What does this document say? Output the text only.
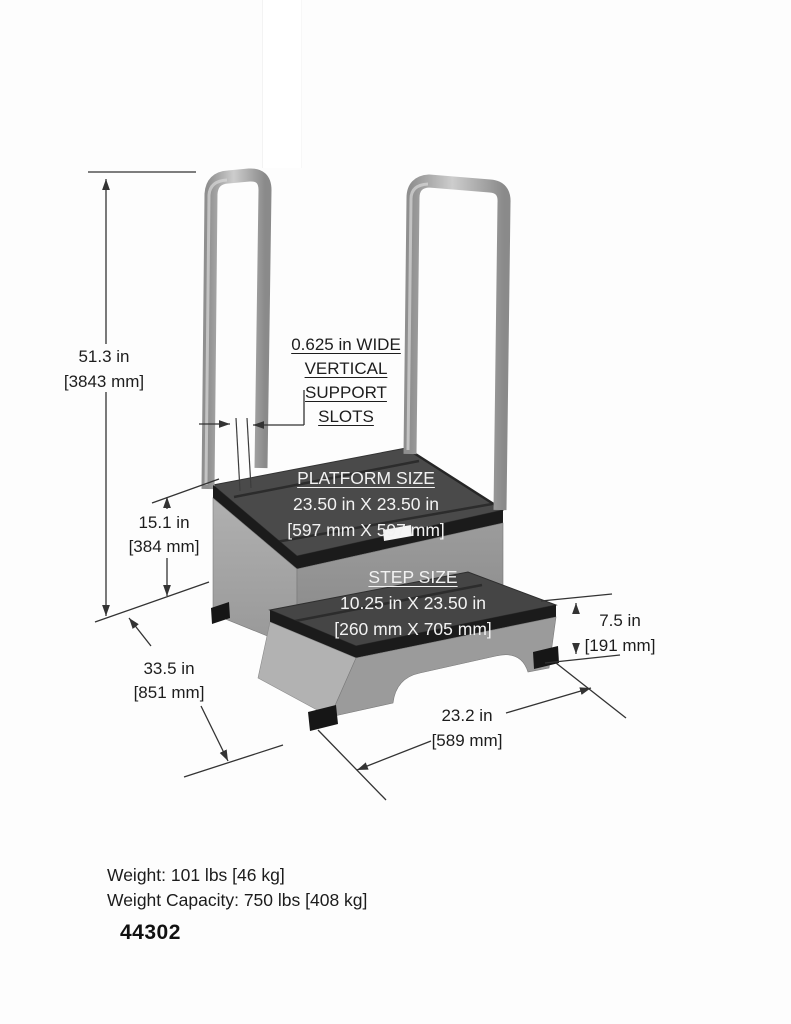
51.3 in
[3843 mm]
0.625 in WIDE
VERTICAL
SUPPORT
SLOTS
PLATFORM SIZE
23.50 in X 23.50 in
[597 mm X 597 mm]
15.1 in
[384 mm]
STEP SIZE
10.25 in X 23.50 in
[260 mm X 705 mm]	7.5 in
[191 mm]
33.5 in
[851 mm]
23.2 in
[589 mm]
Weight: 101 lbs [46 kg]
Weight Capacity: 750 lbs [408 kg]
44302
